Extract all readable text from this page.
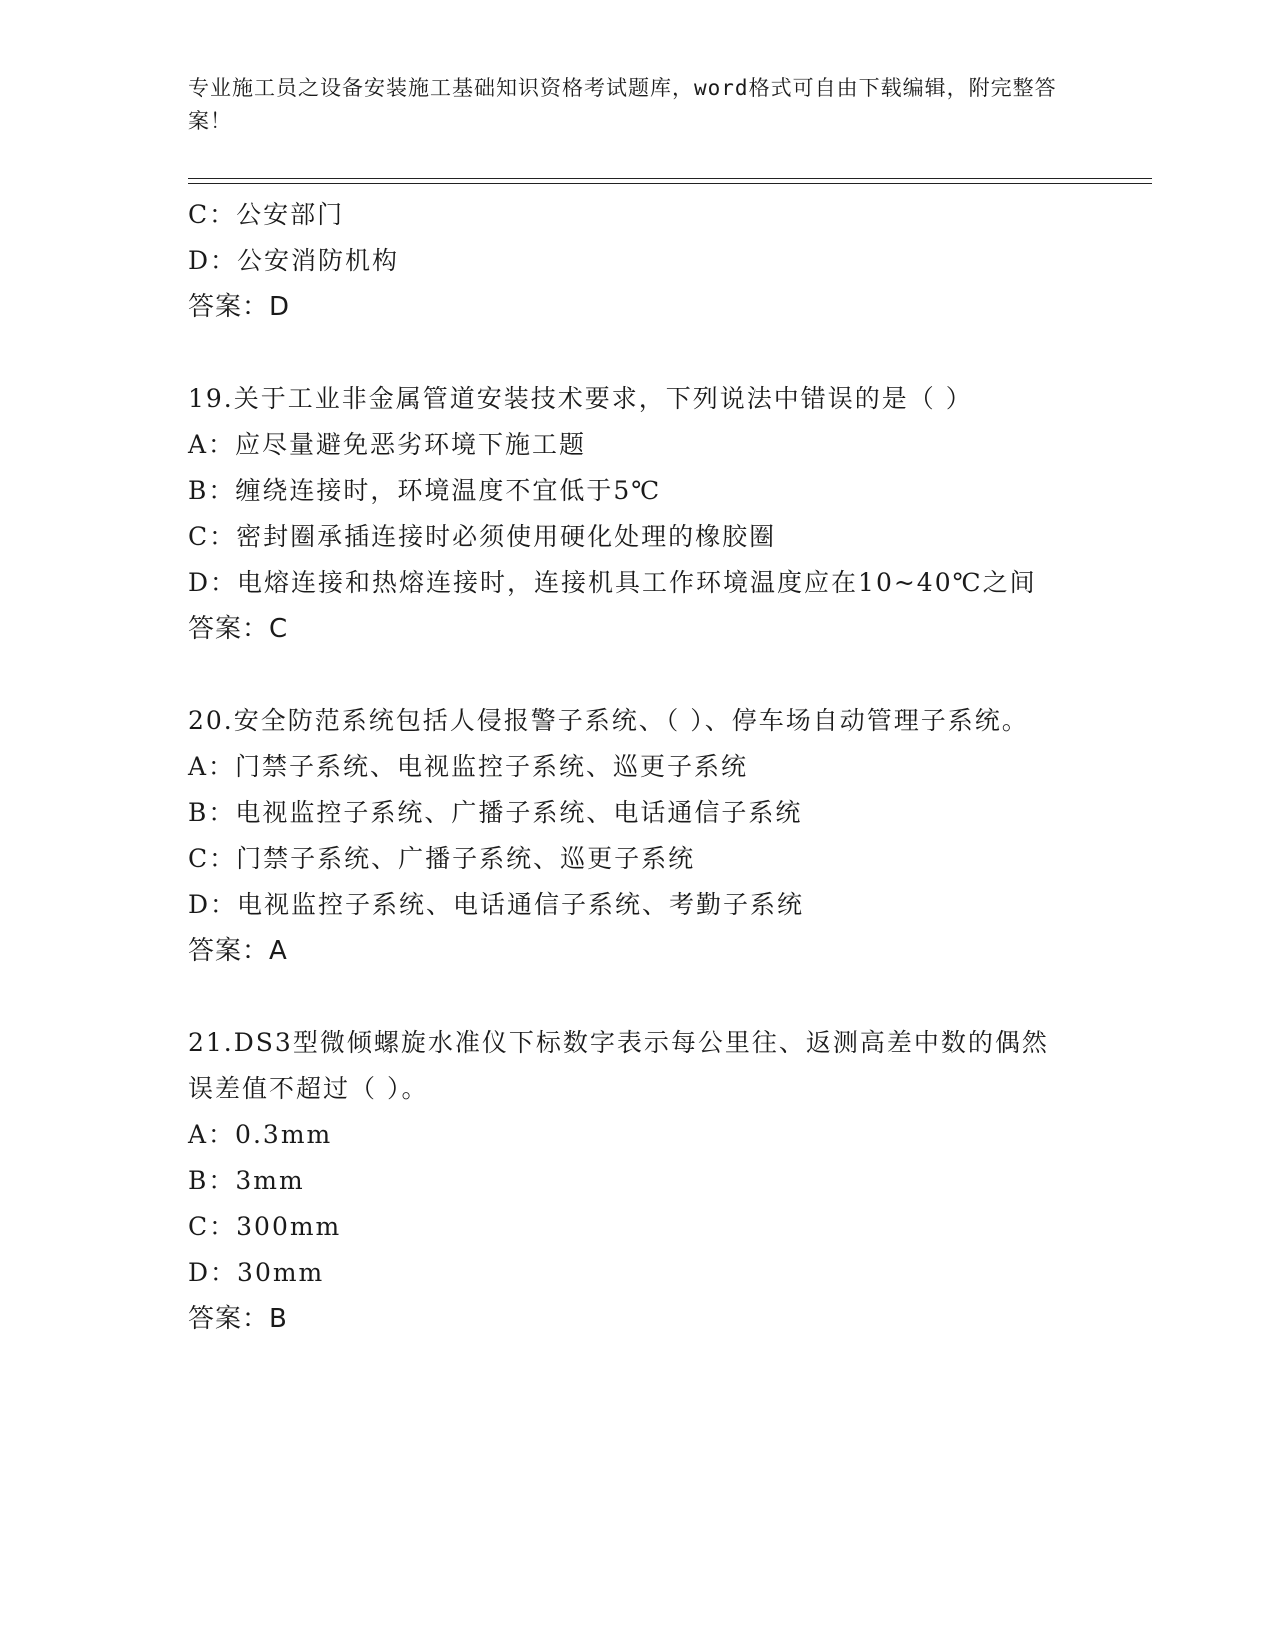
专业施工员之设备安装施工基础知识资格考试题库，word格式可自由下载编辑，附完整答案！
C：公安部门
D：公安消防机构
答案：D
19.关于工业非金属管道安装技术要求，下列说法中错误的是（ ）
A：应尽量避免恶劣环境下施工题
B：缠绕连接时，环境温度不宜低于5℃
C：密封圈承插连接时必须使用硬化处理的橡胶圈
D：电熔连接和热熔连接时，连接机具工作环境温度应在10~40℃之间
答案：C
20.安全防范系统包括人侵报警子系统、（ ）、停车场自动管理子系统。
A：门禁子系统、电视监控子系统、巡更子系统
B：电视监控子系统、广播子系统、电话通信子系统
C：门禁子系统、广播子系统、巡更子系统
D：电视监控子系统、电话通信子系统、考勤子系统
答案：A
21.DS3型微倾螺旋水准仪下标数字表示每公里往、返测高差中数的偶然误差值不超过（ ）。
A：0.3mm
B：3mm
C：300mm
D：30mm
答案：B
